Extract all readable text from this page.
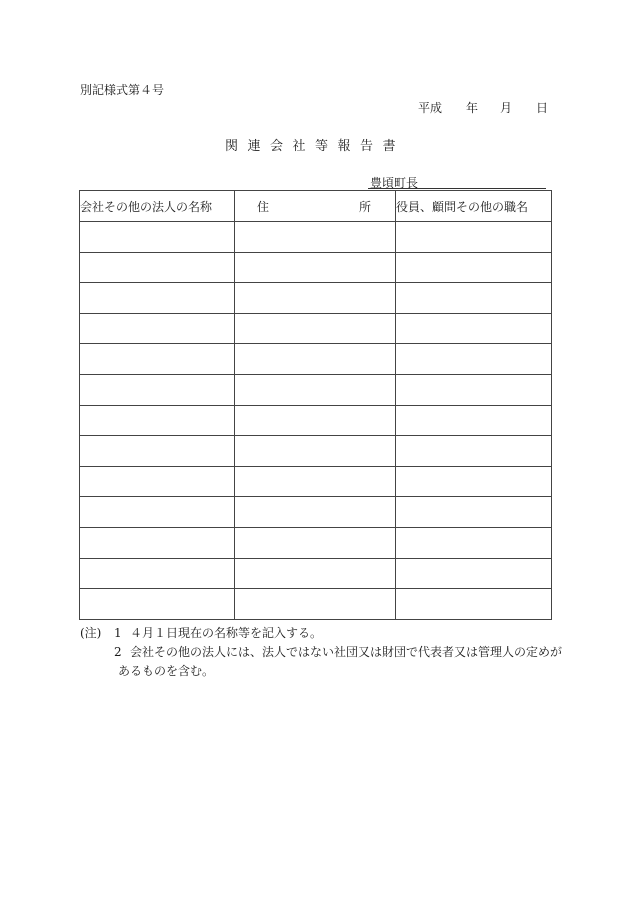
別記様式第４号
平成 年 月 日
関連会社等報告書
豊頃町長
会社その他の法人の名称	住 所	役員、顧問その他の職名

(注) 1 ４月１日現在の名称等を記入する。
2 会社その他の法人には、法人ではない社団又は財団で代表者又は管理人の定めが
あるものを含む。
